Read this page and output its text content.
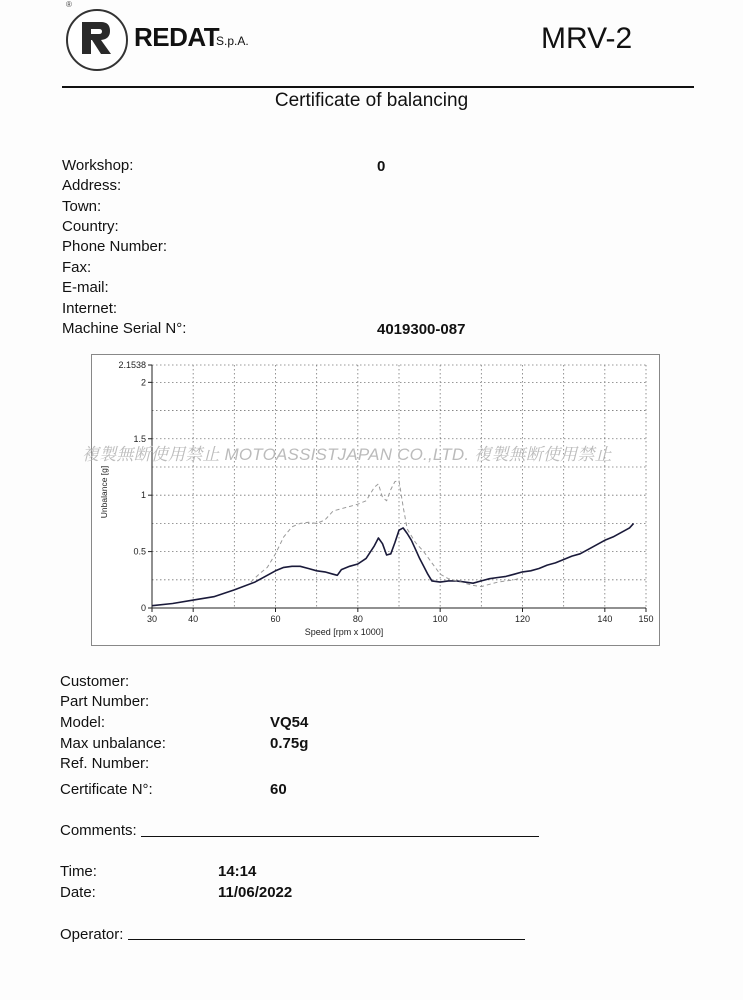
®
REDAT
S.p.A.	MRV-2
Certificate of balancing
Workshop:	0
Address:
Town:
Country:
Phone Number:
Fax:
E-mail:
Internet:
Machine Serial N°:	4019300-087
30	40	60	80	100	120	140	150
0
0.5
1
1.5
2
2.1538
Speed [rpm x 1000]
Unbalance [g]
複製無断使用禁止 MOTOASSISTJAPAN CO.,LTD. 複製無断使用禁止
Customer:
Part Number:
Model:	VQ54
Max unbalance:	0.75g
Ref. Number:
Certificate N°:	60
Comments:
Time:	14:14
Date:	11/06/2022
Operator:
